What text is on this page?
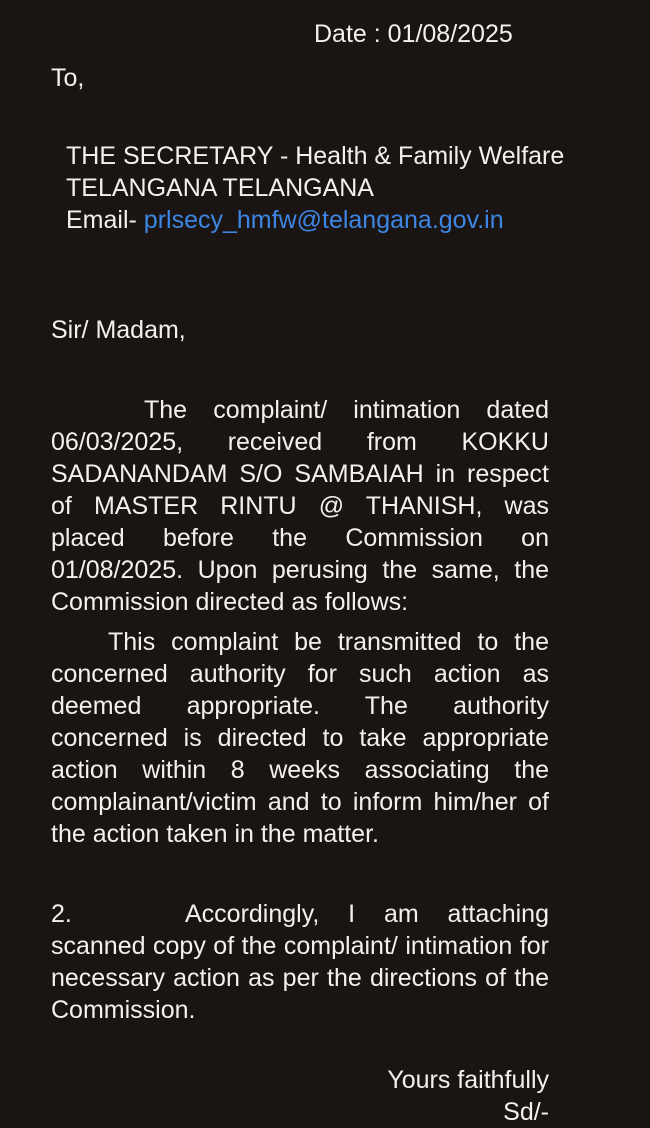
Date : 01/08/2025
To,
THE SECRETARY - Health & Family Welfare
TELANGANA TELANGANA
Email- prlsecy_hmfw@telangana.gov.in
Sir/ Madam,
The complaint/ intimation dated 06/03/2025, received from KOKKU SADANANDAM S/O SAMBAIAH in respect of MASTER RINTU @ THANISH, was placed before the Commission on 01/08/2025. Upon perusing the same, the Commission directed as follows:
This complaint be transmitted to the concerned authority for such action as deemed appropriate. The authority concerned is directed to take appropriate action within 8 weeks associating the complainant/victim and to inform him/her of the action taken in the matter.
2.	Accordingly, I am attaching scanned copy of the complaint/ intimation for necessary action as per the directions of the Commission.
Yours faithfully
Sd/-
